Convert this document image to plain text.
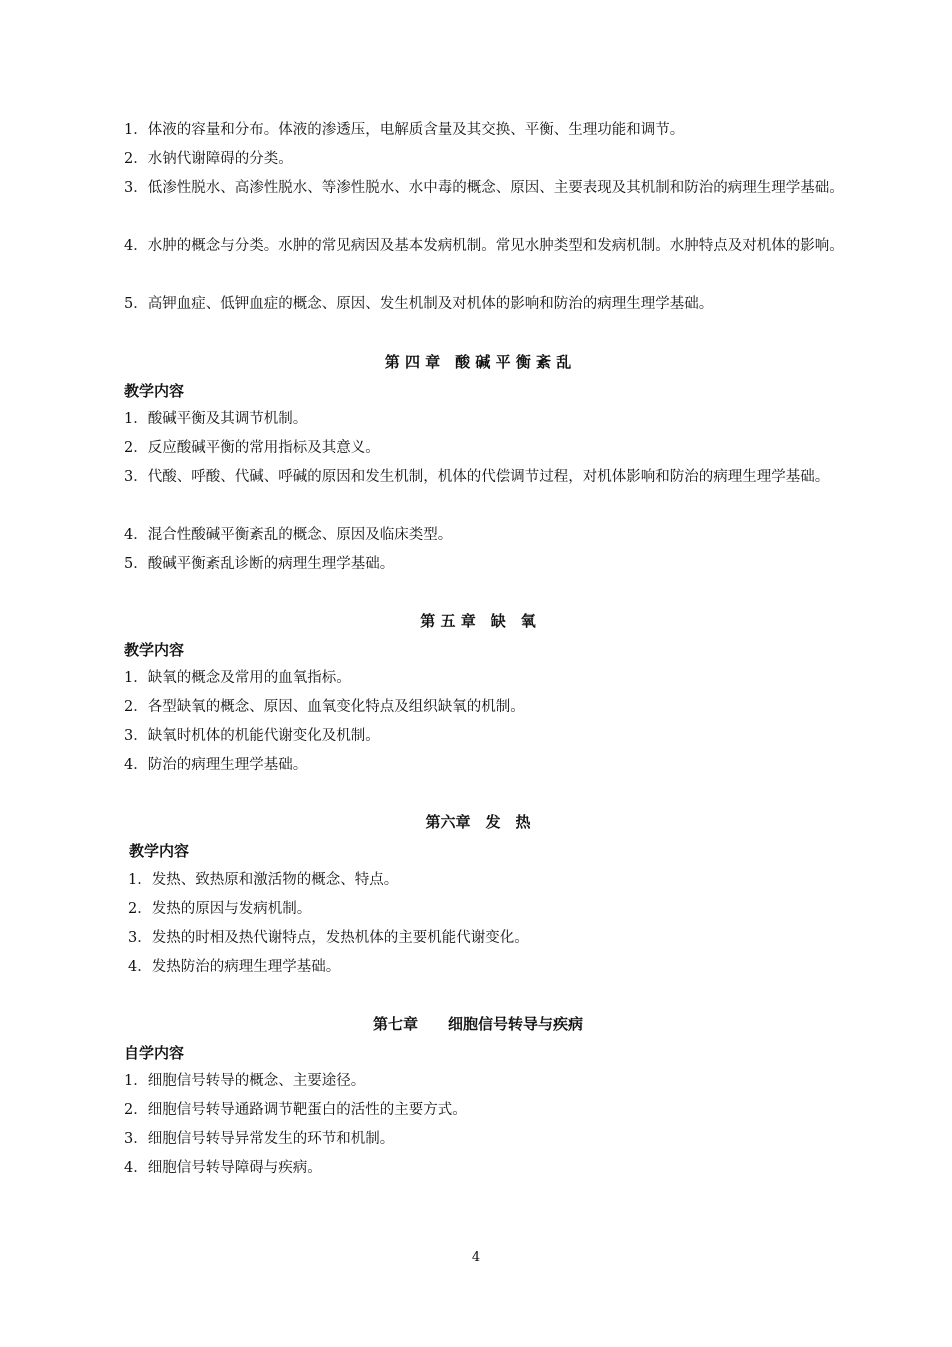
1．体液的容量和分布。体液的渗透压，电解质含量及其交换、平衡、生理功能和调节。

2．水钠代谢障碍的分类。

3．低渗性脱水、高渗性脱水、等渗性脱水、水中毒的概念、原因、主要表现及其机制和防治的病理生理学基础。

4．水肿的概念与分类。水肿的常见病因及基本发病机制。常见水肿类型和发病机制。水肿特点及对机体的影响。

5．高钾血症、低钾血症的概念、原因、发生机制及对机体的影响和防治的病理生理学基础。

第 四 章　酸 碱 平 衡 紊 乱
教学内容

1．酸碱平衡及其调节机制。

2．反应酸碱平衡的常用指标及其意义。

3．代酸、呼酸、代碱、呼碱的原因和发生机制，机体的代偿调节过程，对机体影响和防治的病理生理学基础。

4．混合性酸碱平衡紊乱的概念、原因及临床类型。

5．酸碱平衡紊乱诊断的病理生理学基础。

第 五 章　缺　氧
教学内容

1．缺氧的概念及常用的血氧指标。

2．各型缺氧的概念、原因、血氧变化特点及组织缺氧的机制。

3．缺氧时机体的机能代谢变化及机制。

4．防治的病理生理学基础。

第六章　发　热
教学内容

1．发热、致热原和激活物的概念、特点。

2．发热的原因与发病机制。

3．发热的时相及热代谢特点，发热机体的主要机能代谢变化。

4．发热防治的病理生理学基础。

第七章　　细胞信号转导与疾病
自学内容

1．细胞信号转导的概念、主要途径。

2．细胞信号转导通路调节靶蛋白的活性的主要方式。

3．细胞信号转导异常发生的环节和机制。

4．细胞信号转导障碍与疾病。

4
